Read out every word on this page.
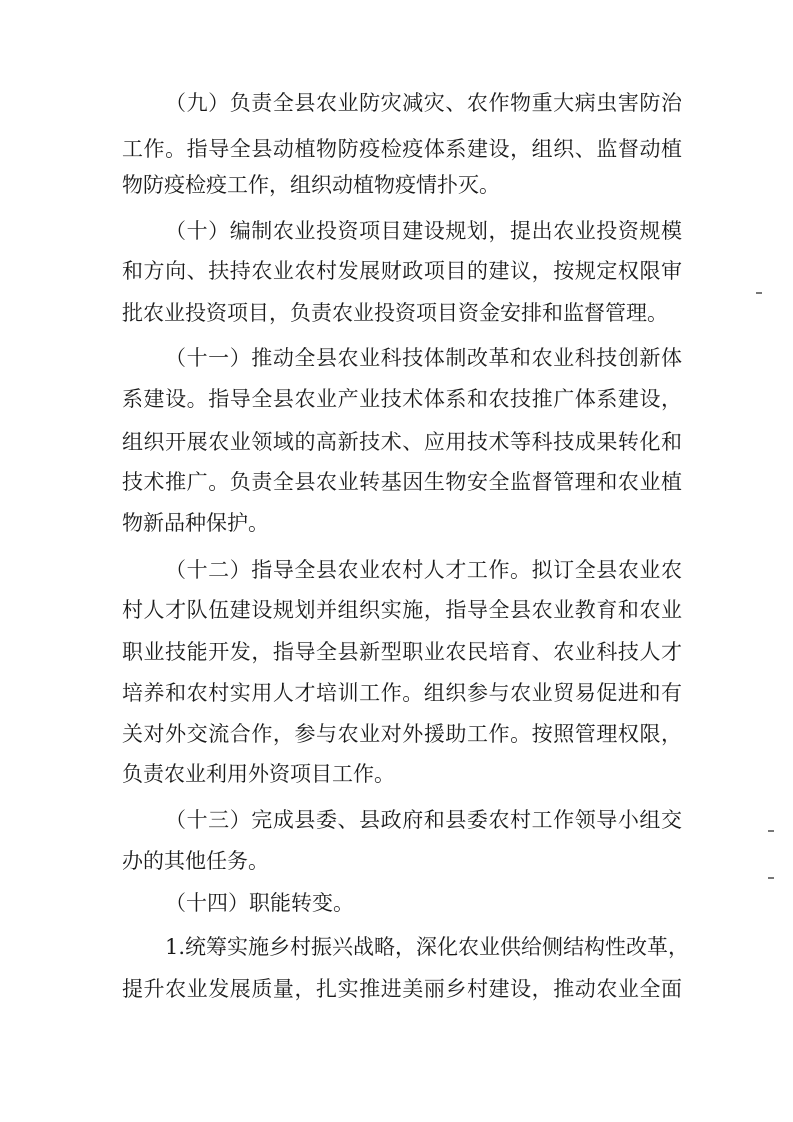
（九）负责全县农业防灾减灾、农作物重大病虫害防治
工作。指导全县动植物防疫检疫体系建设，组织、监督动植
物防疫检疫工作，组织动植物疫情扑灭。
（十）编制农业投资项目建设规划，提出农业投资规模
和方向、扶持农业农村发展财政项目的建议，按规定权限审
批农业投资项目，负责农业投资项目资金安排和监督管理。
（十一）推动全县农业科技体制改革和农业科技创新体
系建设。指导全县农业产业技术体系和农技推广体系建设，
组织开展农业领域的高新技术、应用技术等科技成果转化和
技术推广。负责全县农业转基因生物安全监督管理和农业植
物新品种保护。
（十二）指导全县农业农村人才工作。拟订全县农业农
村人才队伍建设规划并组织实施，指导全县农业教育和农业
职业技能开发，指导全县新型职业农民培育、农业科技人才
培养和农村实用人才培训工作。组织参与农业贸易促进和有
关对外交流合作，参与农业对外援助工作。按照管理权限，
负责农业利用外资项目工作。
（十三）完成县委、县政府和县委农村工作领导小组交
办的其他任务。
（十四）职能转变。
1.统筹实施乡村振兴战略，深化农业供给侧结构性改革，
提升农业发展质量，扎实推进美丽乡村建设，推动农业全面
